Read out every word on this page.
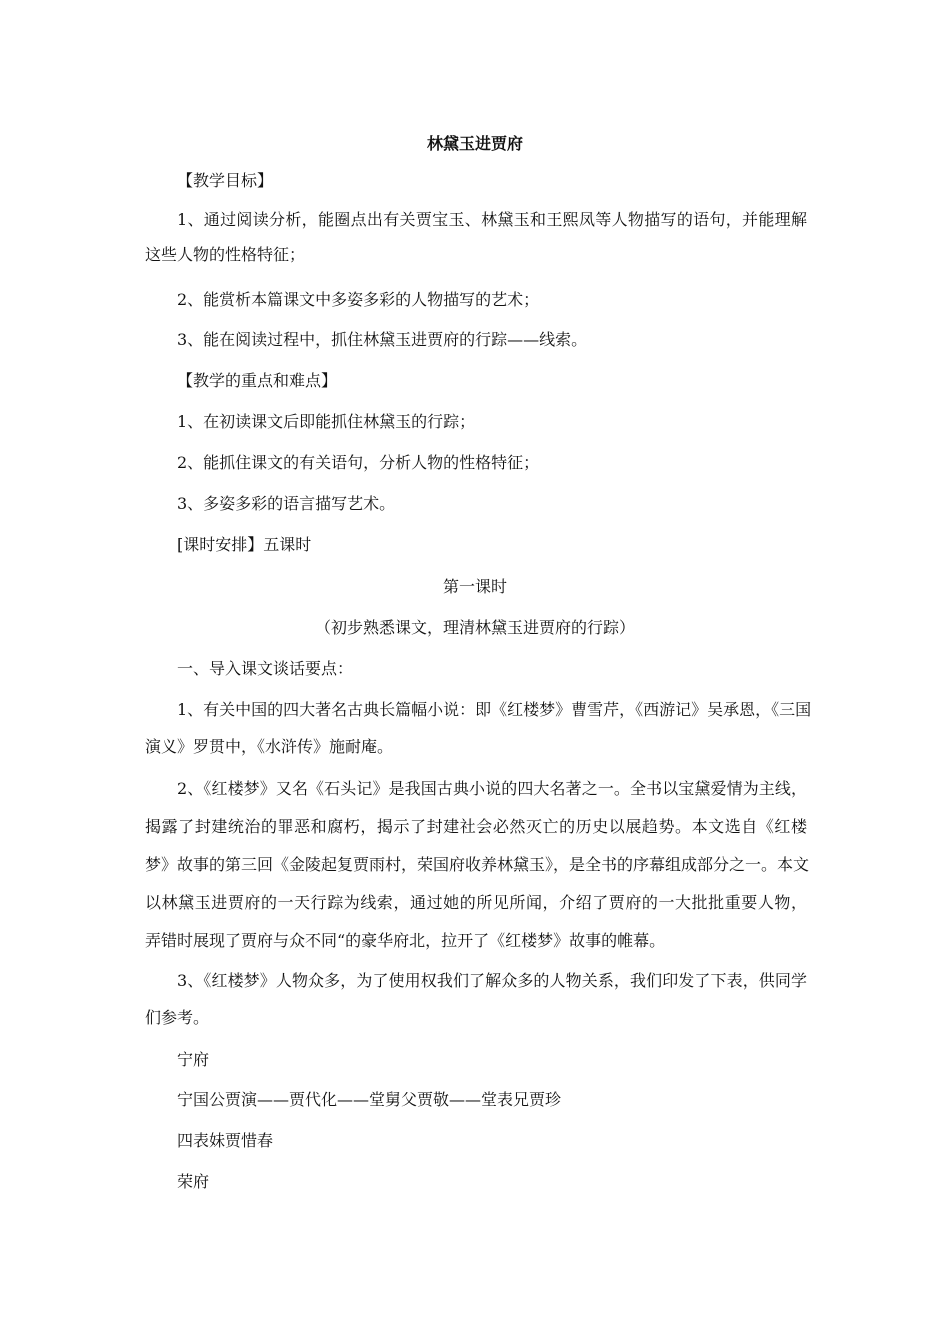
林黛玉进贾府
【教学目标】
1、通过阅读分析，能圈点出有关贾宝玉、林黛玉和王熙凤等人物描写的语句，并能理解
这些人物的性格特征；
2、能赏析本篇课文中多姿多彩的人物描写的艺术；
3、能在阅读过程中，抓住林黛玉进贾府的行踪——线索。
【教学的重点和难点】
1、在初读课文后即能抓住林黛玉的行踪；
2、能抓住课文的有关语句，分析人物的性格特征；
3、多姿多彩的语言描写艺术。
[课时安排】五课时
第一课时
（初步熟悉课文，理清林黛玉进贾府的行踪）
一、导入课文谈话要点：
1、有关中国的四大著名古典长篇幅小说：即《红楼梦》曹雪芹，《西游记》吴承恩，《三国
演义》罗贯中，《水浒传》施耐庵。
2、《红楼梦》又名《石头记》是我国古典小说的四大名著之一。全书以宝黛爱情为主线，
揭露了封建统治的罪恶和腐朽，揭示了封建社会必然灭亡的历史以展趋势。本文选自《红楼
梦》故事的第三回《金陵起复贾雨村，荣国府收养林黛玉》，是全书的序幕组成部分之一。本文
以林黛玉进贾府的一天行踪为线索，通过她的所见所闻，介绍了贾府的一大批批重要人物，
弄错时展现了贾府与众不同“的豪华府北，拉开了《红楼梦》故事的帷幕。
3、《红楼梦》人物众多，为了使用权我们了解众多的人物关系，我们印发了下表，供同学
们参考。
宁府
宁国公贾演——贾代化——堂舅父贾敬——堂表兄贾珍
四表妹贾惜春
荣府
